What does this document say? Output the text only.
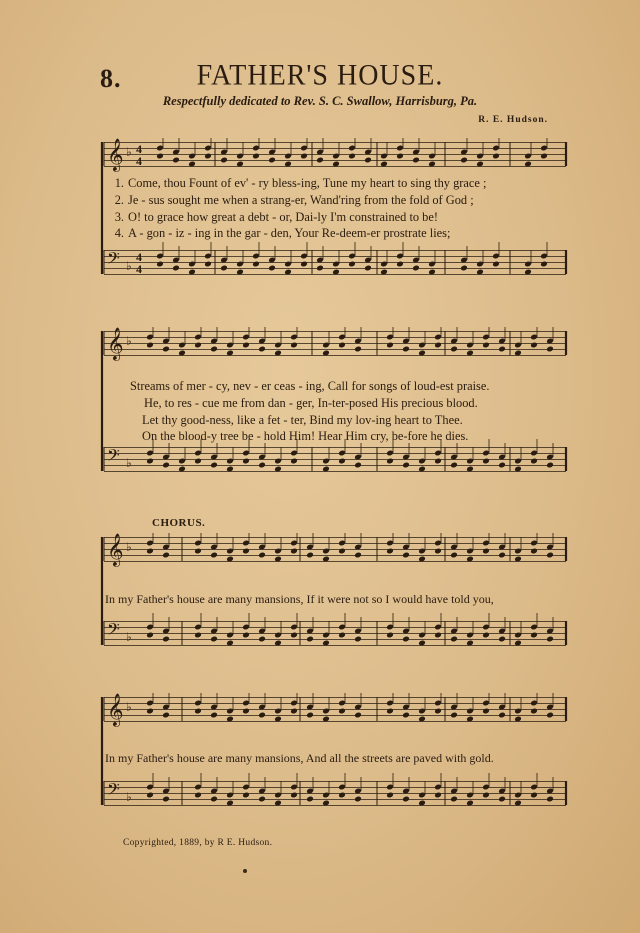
8.	FATHER'S HOUSE.
Respectfully dedicated to Rev. S. C. Swallow, Harrisburg, Pa.
R. E. Hudson.
𝄞 ♭ 4
4
𝄢 ♭
4
4
1. Come, thou Fount of ev' - ry bless-ing, Tune my heart to sing thy grace ;
2. Je - sus sought me when a strang-er, Wand'ring from the fold of God ;
3. O! to grace how great a debt - or, Dai-ly I'm constrained to be!
4. A - gon - iz - ing in the gar - den, Your Re-deem-er prostrate lies;
𝄞 ♭
𝄢 ♭
Streams of mer - cy, nev - er ceas - ing, Call for songs of loud-est praise.
He, to res - cue me from dan - ger, In-ter-posed His precious blood.
Let thy good-ness, like a fet - ter, Bind my lov-ing heart to Thee.
On the blood-y tree be - hold Him! Hear Him cry, be-fore he dies.
CHORUS.
𝄞 ♭
𝄢 ♭
In my Father's house are many mansions, If it were not so I would have told you,
𝄞 ♭
𝄢 ♭
In my Father's house are many mansions, And all the streets are paved with gold.
Copyrighted, 1889, by R E. Hudson.
